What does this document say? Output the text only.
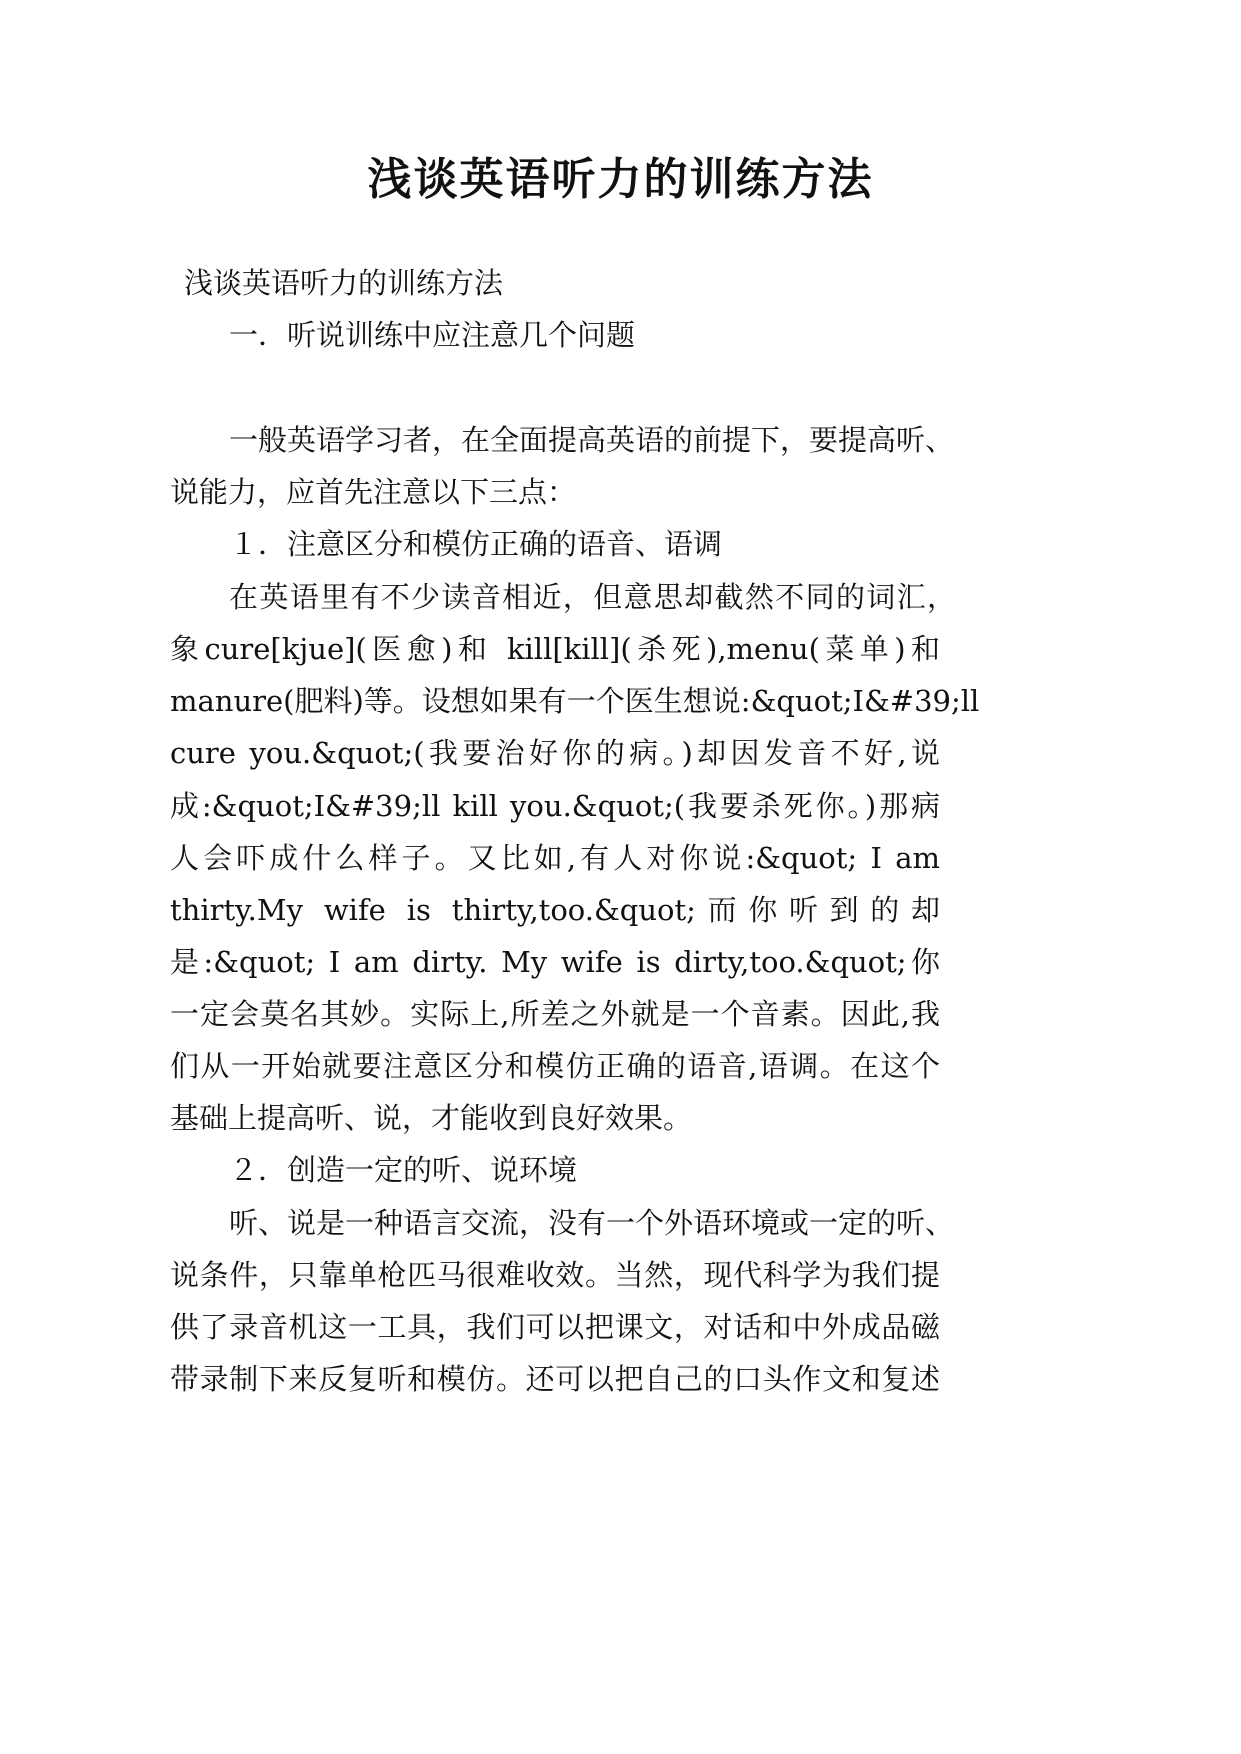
浅谈英语听力的训练方法
浅谈英语听力的训练方法
一．听说训练中应注意几个问题
一般英语学习者，在全面提高英语的前提下，要提高听、
说能力，应首先注意以下三点：
１．注意区分和模仿正确的语音、语调
在英语里有不少读音相近，但意思却截然不同的词汇，
象cure[kjue](医愈)和 kill[kill](杀死),menu(菜单)和
manure(肥料)等。设想如果有一个医生想说:&quot;I&#39;ll
cure you.&quot;(我要治好你的病。)却因发音不好,说
成:&quot;I&#39;ll kill you.&quot;(我要杀死你。)那病
人会吓成什么样子。又比如,有人对你说:&quot; I am
thirty.My wife is thirty,too.&quot;而你听到的却
是:&quot; I am dirty. My wife is dirty,too.&quot;你
一定会莫名其妙。实际上,所差之外就是一个音素。因此,我
们从一开始就要注意区分和模仿正确的语音,语调。在这个
基础上提高听、说，才能收到良好效果。
２．创造一定的听、说环境
听、说是一种语言交流，没有一个外语环境或一定的听、
说条件，只靠单枪匹马很难收效。当然，现代科学为我们提
供了录音机这一工具，我们可以把课文，对话和中外成品磁
带录制下来反复听和模仿。还可以把自己的口头作文和复述
